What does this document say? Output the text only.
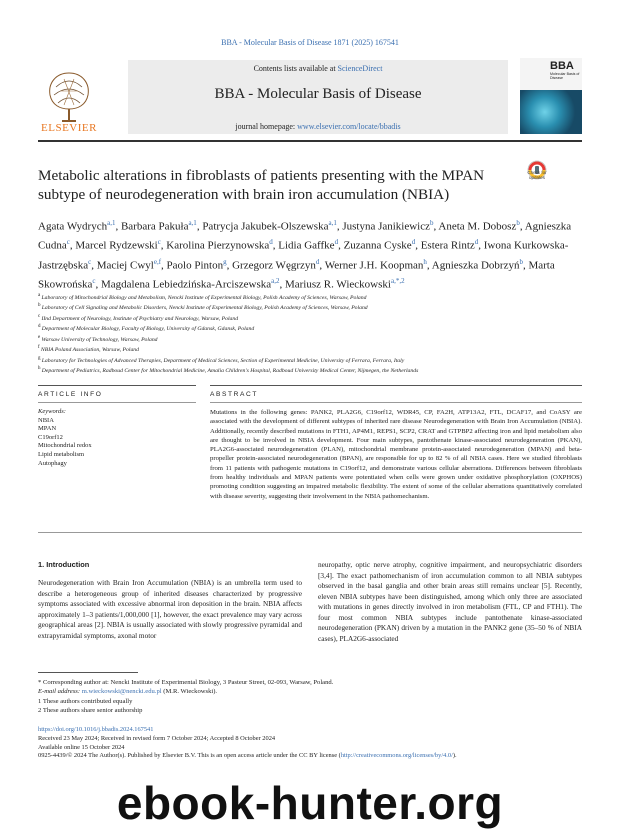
BBA - Molecular Basis of Disease 1871 (2025) 167541
Contents lists available at ScienceDirect
BBA - Molecular Basis of Disease
journal homepage: www.elsevier.com/locate/bbadis
ELSEVIER
BBA
Molecular Basis of Disease
Metabolic alterations in fibroblasts of patients presenting with the MPAN subtype of neurodegeneration with brain iron accumulation (NBIA)
Check for updates
Agata Wydrych$^{a,1}$, Barbara Pakuła$^{a,1}$, Patrycja Jakubek-Olszewska$^{a,1}$, Justyna Janikiewicz$^b$, Aneta M. Dobosz$^b$, Agnieszka Cudna$^c$, Marcel Rydzewski$^c$, Karolina Pierzynowska$^d$, Lidia Gaffke$^d$, Zuzanna Cyske$^d$, Estera Rintz$^d$, Iwona Kurkowska-Jastrzębska$^c$, Maciej Cwyl$^{e,f}$, Paolo Pinton$^g$, Grzegorz Węgrzyn$^d$, Werner J.H. Koopman$^h$, Agnieszka Dobrzyń$^b$, Marta Skowrońska$^c$, Magdalena Lebiedzińska-Arciszewska$^{a,2}$, Mariusz R. Wieckowski$^{a,*,2}$
$^a$ Laboratory of Mitochondrial Biology and Metabolism, Nencki Institute of Experimental Biology, Polish Academy of Sciences, Warsaw, Poland
$^b$ Laboratory of Cell Signaling and Metabolic Disorders, Nencki Institute of Experimental Biology, Polish Academy of Sciences, Warsaw, Poland
$^c$ IInd Department of Neurology, Institute of Psychiatry and Neurology, Warsaw, Poland
$^d$ Department of Molecular Biology, Faculty of Biology, University of Gdansk, Gdansk, Poland
$^e$ Warsaw University of Technology, Warsaw, Poland
$^f$ NBIA Poland Association, Warsaw, Poland
$^g$ Laboratory for Technologies of Advanced Therapies, Department of Medical Sciences, Section of Experimental Medicine, University of Ferrara, Ferrara, Italy
$^h$ Department of Pediatrics, Radboud Center for Mitochondrial Medicine, Amalia Children's Hospital, Radboud University Medical Center, Nijmegen, the Netherlands
ARTICLE INFO	ABSTRACT
Keywords:
NBIA
MPAN
C19orf12
Mitochondrial redox
Lipid metabolism
Autophagy
Mutations in the following genes: PANK2, PLA2G6, C19orf12, WDR45, CP, FA2H, ATP13A2, FTL, DCAF17, and CoASY are associated with the development of different subtypes of inherited rare disease Neurodegeneration with Brain Iron Accumulation (NBIA). Additionally, recently described mutations in FTH1, AP4M1, REPS1, SCP2, CRAT and GTPBP2 affecting iron and lipid metabolism also are thought to be involved in NBIA development. Four main subtypes, pantothenate kinase-associated neurodegeneration (PKAN), PLA2G6-associated neurodegeneration (PLAN), mitochondrial membrane protein-associated neurodegeneration (MPAN) and beta-propeller protein-associated neurodegeneration (BPAN), are responsible for up to 82 % of all NBIA cases. Here we studied fibroblasts from 11 patients with pathogenic mutations in C19orf12, and demonstrate various cellular aberrations. Differences between fibroblasts from healthy individuals and MPAN patients were potentiated when cells were grown under oxidative phosphorylation (OXPHOS) promoting condition suggesting an impaired metabolic flexibility. The extent of some of the cellular aberrations quantitatively correlated with disease severity, suggesting their involvement in the NBIA pathomechanism.
1. Introduction
Neurodegeneration with Brain Iron Accumulation (NBIA) is an umbrella term used to describe a heterogeneous group of inherited diseases characterized by progressive symptoms associated with excessive abnormal iron deposition in the brain. NBIA affects approximately 1–3 patients/1,000,000 [1], however, the exact prevalence may vary across geographical areas [2]. NBIA is usually associated with slowly progressive pyramidal and extrapyramidal symptoms, axonal motor
neuropathy, optic nerve atrophy, cognitive impairment, and neuropsychiatric disorders [3,4]. The exact pathomechanism of iron accumulation common to all NBIA subtypes observed in the basal ganglia and other brain areas still remains unclear [5]. Recently, eleven NBIA subtypes have been distinguished, among which only three are associated with mutations in genes directly involved in iron metabolism (FTL, CP and FTH1). The four most common NBIA subtypes include pantothenate kinase-associated neurodegeneration (PKAN) driven by a mutation in the PANK2 gene (35–50 % of NBIA cases), PLA2G6-associated
* Corresponding author at: Nencki Institute of Experimental Biology, 3 Pasteur Street, 02-093, Warsaw, Poland.
E-mail address: m.wieckowski@nencki.edu.pl (M.R. Wieckowski).
1 These authors contributed equally
2 These authors share senior authorship
https://doi.org/10.1016/j.bbadis.2024.167541
Received 23 May 2024; Received in revised form 7 October 2024; Accepted 8 October 2024
Available online 15 October 2024
0925-4439/© 2024 The Author(s). Published by Elsevier B.V. This is an open access article under the CC BY license (http://creativecommons.org/licenses/by/4.0/).
ebook-hunter.org
